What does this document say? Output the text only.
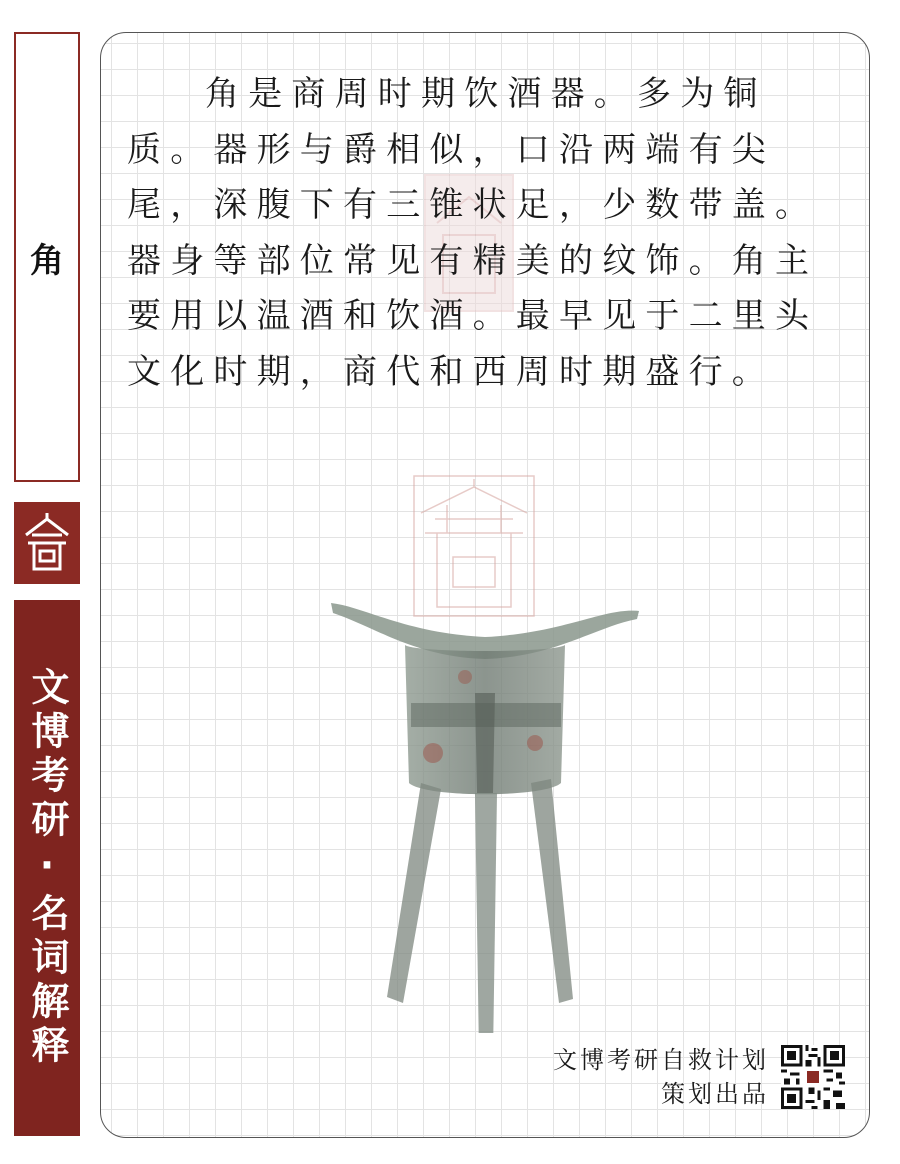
角
文博考研·名词解释

角是商周时期饮酒器。多为铜质。器形与爵相似，口沿两端有尖尾，深腹下有三锥状足，少数带盖。器身等部位常见有精美的纹饰。角主要用以温酒和饮酒。最早见于二里头文化时期，商代和西周时期盛行。

文博考研自救计划
策划出品
